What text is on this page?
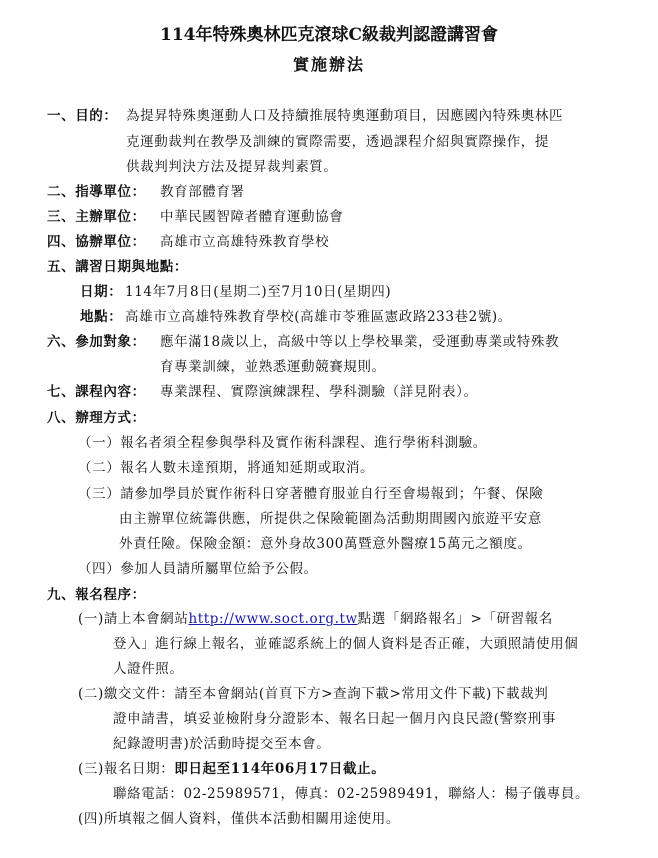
114年特殊奧林匹克滾球C級裁判認證講習會
實施辦法
一、目的： 為提昇特殊奧運動人口及持續推展特奧運動項目，因應國內特殊奧林匹
克運動裁判在教學及訓練的實際需要，透過課程介紹與實際操作，提
供裁判判決方法及提昇裁判素質。
二、指導單位： 教育部體育署
三、主辦單位： 中華民國智障者體育運動協會
四、協辦單位： 高雄市立高雄特殊教育學校
五、講習日期與地點：
日期： 114年7月8日(星期二)至7月10日(星期四)
地點： 高雄市立高雄特殊教育學校(高雄市苓雅區憲政路233巷2號)。
六、參加對象： 應年滿18歲以上，高級中等以上學校畢業，受運動專業或特殊教
育專業訓練，並熟悉運動競賽規則。
七、課程內容： 專業課程、實際演練課程、學科測驗（詳見附表）。
八、辦理方式：
（一）報名者須全程參與學科及實作術科課程、進行學術科測驗。
（二）報名人數未達預期，將通知延期或取消。
（三）請參加學員於實作術科日穿著體育服並自行至會場報到；午餐、保險
由主辦單位統籌供應，所提供之保險範圍為活動期間國內旅遊平安意
外責任險。保險金額：意外身故300萬暨意外醫療15萬元之額度。
（四）參加人員請所屬單位給予公假。
九、報名程序：
(一)請上本會網站http://www.soct.org.tw點選「網路報名」>「研習報名
登入」進行線上報名，並確認系統上的個人資料是否正確，大頭照請使用個
人證件照。
(二)繳交文件：請至本會網站(首頁下方>查詢下載>常用文件下載)下載裁判
證申請書，填妥並檢附身分證影本、報名日起一個月內良民證(警察刑事
紀錄證明書)於活動時提交至本會。
(三)報名日期：即日起至114年06月17日截止。
聯絡電話：02-25989571，傳真：02-25989491，聯絡人：楊子儀專員。
(四)所填報之個人資料，僅供本活動相關用途使用。
